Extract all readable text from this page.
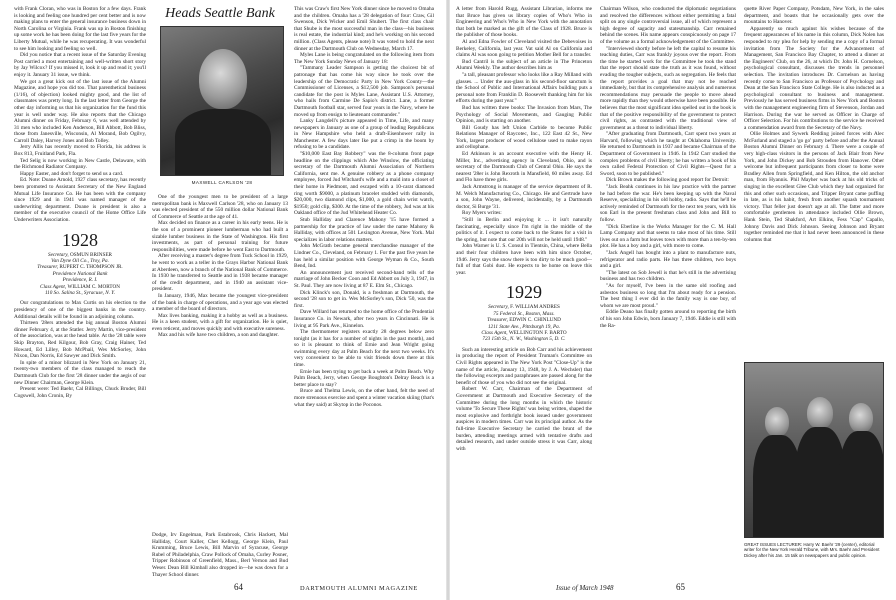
with Frank Cloran, who was in Boston for a few days. Frank is looking and feeling one hundred per cent better and is now making plans to enter the general insurance business down in North Carolina or Virginia. Frank was up in Boston finishing up some work he has been doing for the last five years for the Liberty Mutual, while he was recuperating. It was wonderful to see him looking and feeling so well.

Did you notice that a recent issue of the Saturday Evening Post carried a most entertaining and well-written short story by Jay Wilcox? If you missed it, look it up and read it; you'll enjoy it. January 31 issue, we think.

We got a great kick out of the last issue of the Alumni Magazine, and hope you did too. That parenthetical business (1/16), of objection) looked mighty good, and the list of classmates was pretty long. In the last letter from George the other day informing us that his organization for the fund this year is well under way. He also reports that the Chicago Alumni dinner on Friday, February 6, was well attended by 31 men who included Ken Anderson, Bill Abbott, Bob Bliss, those from Janesville, Wisconsin, Al Morand, Bob Ogilvy, Carroll Daley, Harvey Jones and Bob Tolley.

Jerry Allis has recently moved to Florida, his address is Box 813, Fruitland Park, Fla.

Ted Selig is now working in New Castle, Delaware, with the Richmond Radiator Company.

Happy Easter, and don't forget to send us a card.

Ed. Note: Doane Arnold, 1927 class secretary, has recently been promoted to Assistant Secretary of the New England Mutual Life Insurance Co. He has been with the company since 1929 and in 1941 was named manager of the underwriting department. Doane is president is also a member of the executive council of the Home Office Life Underwriters Association.

1928
Secretary, OSMUN BRINSER
Van Dyne Oil Co., Troy, Pa.
Treasurer, RUPERT C. THOMPSON JR.
Providence National Bank
Providence, R. I.
Class Agent, WILLIAM C. MORTON
110 So. Salina St., Syracuse, N. Y.

Our congratulations to Max Curtis on his election to the presidency of one of the biggest banks in the country. Additional details will be found in an adjoining column.

Thirteen '28ers attended the big annual Boston Alumni dinner February 4, at the Statler. Jerry Martin, vice-president of the association, was at the head table. At the '28 table were Skip Brayton, Red Kilgour, Bob Gray, Craig Hainer, Ted Howard, Ed Lilley, Bob McPhail, Wes McSorley, John Nixon, Dan Norris, Ed Sawyer and Dick Smith.

In spite of a minor blizzard in New York on January 21, twenty-two members of the class managed to reach the Dartmouth Club for the first '28 dinner under the aegis of our new Dinner Chairman, George Klein.

Present were: Ted Baehr, Cal Billings, Chuck Bruder, Bill Cogswell, John Cronin, By

Heads Seattle Bank
MAXWELL CARLSON '28

One of the youngest men to be president of a large metropolitan bank is Maxwell Carlson '28, who on January 13 was elected president of the 550 million dollar National Bank of Commerce of Seattle at the age of 41.

Max decided on finance as a career in his early teens. He is the son of a prominent pioneer lumberman who had built a sizable lumber business in the State of Washington. His first investments, as part of personal training for future responsibilities, were made before he went East to Dartmouth.

After receiving a master's degree from Tuck School in 1929, he went to work as a teller in the Grays Harbor National Bank at Aberdeen, now a branch of the National Bank of Commerce. In 1930 he transferred to Seattle and in 1938 became manager of the credit department, and in 1940 an assistant vice-president.

In January, 1946, Max became the youngest vice-president of the bank in charge of operations, and a year ago was elected a member of the board of directors.

Max lives banking, making it a hobby as well as a business. He is a keen student, with a gift for organization. He is quiet, even reticent, and moves quickly and with executive sureness.

Max and his wife have two children, a son and daughter.

Dodge, Irv Engelman, Park Estabrook, Chris Hackett, Mal Halliday, Court Kaller, Chet Kellogg, George Klein, Paul Krumming, Bruce Lewis, Bill Marvin of Syracuse, George Rubel of Philadelphia, Craw Pollock of Omaha, Curley Posner, Tripper Robinson of Greenfield, Mass., Berl Vernon and Bud Weser. Dean Bill Kimball also dropped in—he was down for a Thayer School dinner.

This was Craw's first New York dinner since he moved to Omaha and the children. Omaha has a '28 delegation of four: Craw, Gil Swenson, Dick Wicker and Emil Shubert. The first class chair that Shube is the most successful man in the class—his business is real estate, the industrial kind; and he's working on his second million. (Class Agents, please note) It was voted to hold the next dinner at the Dartmouth Club on Wednesday, March 17.

Myles Lane is being congratulated on the following item from The New York Sunday News of January 18:

"Tammany Leader Sampson is getting the choicest bit of patronage that has come his way since he took over the leadership of the Democratic Party in New York County—the Commissioner of Licenses, a $12,500 job. Sampson's personal candidate for the post is Myles Lane, Assistant U.S. Attorney, who hails from Carmine De Sapio's district. Lane, a former Dartmouth football star, served four years in the Navy, where he moved up from ensign to lieutenant commander."

Lanky Langdell's picture appeared in Time, Life, and many newspapers in January as one of a group of leading Republicans in New Hampshire who held a draft-Eisenhower rally in Manchester. A few days later Ike put a crimp in the boom by refusing to be a candidate.

"$10,000 East Bay Robbery" was the 8-column front page headline on the clippings which Abe Winslow, the officiating secretary of the Dartmouth Alumni Association of Northern California, sent me. A genuine robbery as a phone company employee, forced Jud Witchard's wife and a maid into a closet of their home in Piedmont, and escaped with a 10-carat diamond ring worth $9000, a platinum bracelet studded with diamonds, $20,000, two diamond clips, $1,000, a gold chain wrist watch, $1950; gold clip, $300. At the time of the robbery, Jud was at his Oakland office of the Jud Whitehead Heater Co.

Stub Halliday and Clarence Mahony '15 have formed a partnership for the practice of law under the name Mahony & Halliday, with offices at 501 Lexington Avenue, New York. Mal specializes in labor relations matters.

John McGrath became general merchandise manager of the Lindner Co., Cleveland, on February 1. For the past five years he has held a similar position with George Wyman & Co., South Bend, Ind.

An announcement just received second-hand tells of the marriage of John Becker Coon and Ed Abbott on July 3, 1947, in St. Paul. They are now living at 87 E. Elm St., Chicago.

Dick Klinck's son, Donald, is a freshman at Dartmouth, the second '28 son to get in. Wes McSorley's son, Dick '50, was the first.

Dave Willard has returned to the home office of the Prudential Insurance Co. in Newark, after two years in Cincinnati. He is living at 95 Park Ave., Kinnelon.

The thermometer registers exactly 28 degrees below zero tonight (as it has for a number of nights in the past month), and so it is pleasant to think of Ernie and Jean Wright going swimming every day at Palm Beach for the next two weeks. It's very convenient to be able to visit friends down there at this time.

Ernie has been trying to get back a week at Palm Beach. Why Palm Beach, Jerry, when George Boughton's Delray Beach is a better place to stay?

Bruce and Thelma Lewis, on the other hand, felt the need of more strenuous exercise and spent a winter vacation skiing (that's what they said) at Skytop in the Poconos.

64	DARTMOUTH ALUMNI MAGAZINE

A letter from Harold Rugg, Assistant Librarian, informs me that Bruce has given us library copies of Who's Who in Engineering and Who's Who in New York with the annotation that both be marked as the gift of the Class of 1928. Bruce is the publisher of those books.

Al and Edna Fowler of Cleveland visited the Debevoises in Berkeley, California, last year. Vat said Al on California and claims Al was soon going to petition Mother Bell for a transfer.

Bud Cantril is the subject of an article in The Princeton Alumni Weekly. The author describes him as

"a tall, pleasant professor who looks like a Ray Milland with glasses. ... Under the aus-glass in his second-floor sanctum is the School of Public and International Affairs building puts a personal note from Franklin D. Roosevelt thanking him for his efforts during the past year."

Bud has written three books: The Invasion from Mars, The Psychology of Social Movements, and Gauging Public Opinion, and is starting on another.

Bill Goudy has left Union Carbide to become Public Relations Manager of Raycotec, Inc., 122 East 42 St., New York, largest producer of wood cellulose used to make rayon and cellophane.

Ed Atkinson is an account executive with the Henry H. Miller, Inc., advertising agency in Cleveland, Ohio, and is secretary of the Dartmouth Club of Central Ohio. He says the nearest '28er is John Rexroth in Mansfield, 60 miles away. Ed and Flo have three girls.

Jack Armstrong is manager of the service department of R. M. Welch Manufacturing Co., Chicago. He and Gertrude have a son, John Wayne, delivered, incidentally, by a Dartmouth doctor, Si Burge '31.

Roy Myers writes:

"Still in Berlin and enjoying it ... it isn't naturally fascinating, especially since I'm right in the middle of the politics of it. I expect to come back to the States for a visit in the spring, but note that our 20th will not be held until 1948."

John Warner is U. S. Consul in Tientsin, China, where Bella and their four children have been with him since October, 1946. Jerry says the snow there is too dirty to be much good—full of that Gobi dust. He expects to be home on leave this year.

1929
Secretary, F. WILLIAM ANDRES
75 Federal St., Boston, Mass.
Treasurer, EDWIN C. CHINLUND
1211 State Ave., Pittsburgh 19, Pa.
Class Agent, WELLINGTON F. BARTO
723 15th St., N. W., Washington 5, D. C.

Such an interesting article on Bob Carr and his achievement in producing the report of President Truman's Committee on Civil Rights appeared in The New York Post "Close-Up" is the name of the article, January 13, 1948, by J. A. Wechsler) that the following excerpts and paraphrases are passed along for the benefit of those of you who did not see the original.

Robert W. Carr, Chairman of the Department of Government at Dartmouth and Executive Secretary of the Committee during the long months in which the historic volume 'To Secure These Rights' was being written, shaped the most explosive and forthright book issued under government auspices in modern times. Carr was its principal author. As the full-time Executive Secretary he carried the brunt of the burden, attending meetings armed with tentative drafts and detailed research, and under outside stress it was Carr, along with

Chairman Wilson, who conducted the diplomatic negotiations and resolved the differences without either permitting a fatal split on any single controversial issue, all of which represent a high degree of sagacity and statesmanship. Carr remained behind the scenes. His name appears conspicuously on page 17 of the volume as a formal acknowledgement of the Committee.

"Interviewed shortly before he left the capital to resume his teaching duties, Carr was frankly joyous over the report. From the time he started work for the Committee he took the stand that the report should state the truth as it was found, without evading the tougher subjects, such as segregation. He feels that the report provides a goal that may not be reached immediately, but that its comprehensive analysis and numerous recommendations may persuade the people to move ahead more rapidly than they would otherwise have been possible. He believes that the most significant idea spelled out in the book is that of the positive responsibility of the government to protect civil rights, as contrasted with the traditional view of government as a threat to individual liberty.

"After graduating from Dartmouth, Carr spent two years at Harvard, following which he taught at Oklahoma University. He returned to Dartmouth in 1937 and became Chairman of the Department of Government in 1946. In 1942 Carr studied the complex problems of civil liberty; he has written a book of his own called Federal Protection of Civil Rights—Quest for a Sword, soon to be published."

Dick Brown makes the following good report for Detroit:

"Jack Beahk continues in his law practice with the partner he had before the war. He's been keeping up with the Naval Reserve, specializing in his old hobby, radio. Says that he'll be actively reminded of Dartmouth for the next ten years, with his son Earl in the present freshman class and John and Bill to follow.

"Dick Eberline is the Works Manager for the C. M. Hall Lamp Company and that seems to take most of his time. Still lives out on a farm but leaves town with more than a ten-by-ten plot. He has a boy and a girl, with more to come.

"Jack Angell has bought into a plant to manufacture nuts, refrigerator and radio parts. He has three children, two boys and a girl.

"The latest on Sob Jewell is that he's still in the advertising business and has two children.

"As for myself, I've been in the same old roofing and asbestos business so long that I'm about ready for a pension. The best thing I ever did in the family way is one boy, of whom we are most proud."

Eddie Deano has finally gotten around to reporting the birth of his son John Edwin, born January 7, 1946. Eddie is still with the Ra-

quette River Paper Company, Potsdam, New York, in the sales department, and boasts that he occasionally gets over the mountains to Hanover.

Apparently so much against his wishes because of the frequent appearances of his name in this column, Dick Nolen has responded to my plea for help by sending me a copy of a formal invitation from The Society for the Advancement of Management, San Francisco Bay Chapter, to attend a dinner at the Engineers' Club, on the 26, at which Dr. John H. Cornelson, psychological consultant, discusses the trends in personnel selection. The invitation introduces Dr. Cornelson as having recently come to San Francisco as Professor of Psychology and Dean at the San Francisco State College. He is also inducted as a psychological consultant to business and management. Previously he has served business firms in New York and Boston with the management engineering firm of Stevenson, Jordan and Harrison. During the war he served as Officer in Charge of Officer Selection. For his contributions to the service he received a commendation award from the Secretary of the Navy.

Ollie Holmes and Sywerk Redding joined forces with Alec McFarland and staged a 'go go' party before and after the Annual Boston Alumni Dinner on February 4. There were a couple of very high-class visitors in the persons of Jack Blair from New York, and John Dickey and Bob Strouden from Hanover. Other welcome but infrequent participants from closer to home were Bradley Allen from Springfield, and Ken Hilton, the old anchor man, from Hyannis. Phil Mayher was back at his old tricks of singing in the excellent Glee Club which they had organized for this and other such occasions, and Tripper Bryant came puffing in late, as is his habit, fresh from another squash tournament victory. That feller just doesn't age at all. The fatter and more comfortable gentlemen in attendance included Ollie Brown, Hank Stein, Ted Shakford, Art Elkins, Fess "Cap" Capallo, Johnny Davis and Dick Johnson. Seeing Johnson and Bryant together reminded me that it had never been announced in these columns that

GREAT ISSUES LECTURER: Harry W. Baehr '29 (center), editorial writer for the New York Herald Tribune, with Mrs. Baehr and President Dickey after his Jan. 15 talk on newspapers and public opinion.
Issue of March 1948	65
